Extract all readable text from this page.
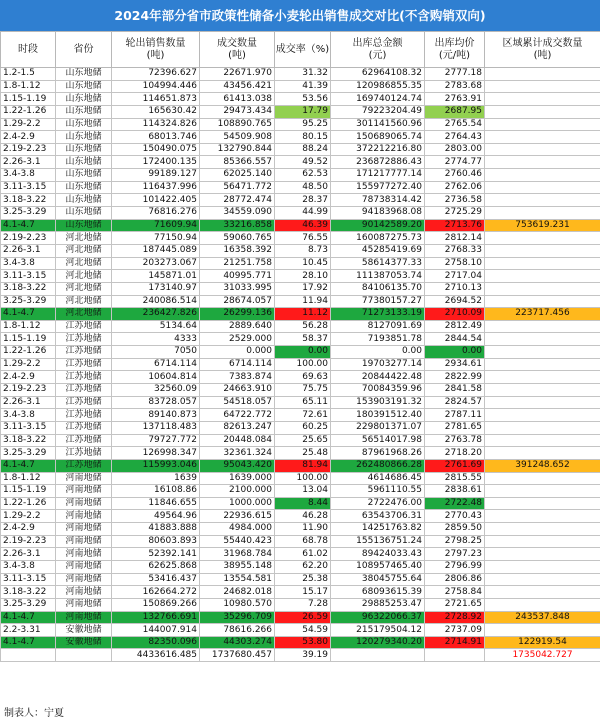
2024年部分省市政策性储备小麦轮出销售成交对比(不含购销双向)
时段	省份	轮出销售数量
(吨)	成交数量
(吨)	成交率（%)	出库总金额
(元)	出库均价
(元/吨)	区域累计成交数量
(吨)
1.2-1.5	山东地储	72396.627	22671.970	31.32	62964108.32	2777.18	
1.8-1.12	山东地储	104994.446	43456.421	41.39	120986855.35	2783.68	
1.15-1.19	山东地储	114651.873	61413.038	53.56	169740124.74	2763.91	
1.22-1.26	山东地储	165630.42	29473.434	17.79	79223204.49	2687.95	
1.29-2.2	山东地储	114324.826	108890.765	95.25	301141560.96	2765.54	
2.4-2.9	山东地储	68013.746	54509.908	80.15	150689065.74	2764.43	
2.19-2.23	山东地储	150490.075	132790.844	88.24	372212216.80	2803.00	
2.26-3.1	山东地储	172400.135	85366.557	49.52	236872886.43	2774.77	
3.4-3.8	山东地储	99189.127	62025.140	62.53	171217777.14	2760.46	
3.11-3.15	山东地储	116437.996	56471.772	48.50	155977272.40	2762.06	
3.18-3.22	山东地储	101422.405	28772.474	28.37	78738314.42	2736.58	
3.25-3.29	山东地储	76816.276	34559.090	44.99	94183968.08	2725.29	
4.1-4.7	山东地储	71609.94	33216.858	46.39	90142589.20	2713.76	753619.231
2.19-2.23	河北地储	77150.94	59060.765	76.55	160087275.73	2812.14	
2.26-3.1	河北地储	187445.089	16358.392	8.73	45285419.69	2768.33	
3.4-3.8	河北地储	203273.067	21251.758	10.45	58614377.33	2758.10	
3.11-3.15	河北地储	145871.01	40995.771	28.10	111387053.74	2717.04	
3.18-3.22	河北地储	173140.97	31033.995	17.92	84106135.70	2710.13	
3.25-3.29	河北地储	240086.514	28674.057	11.94	77380157.27	2694.52	
4.1-4.7	河北地储	236427.826	26299.136	11.12	71273133.19	2710.09	223717.456
1.8-1.12	江苏地储	5134.64	2889.640	56.28	8127091.69	2812.49	
1.15-1.19	江苏地储	4333	2529.000	58.37	7193851.78	2844.54	
1.22-1.26	江苏地储	7050	0.000	0.00	0.00	0.00	
1.29-2.2	江苏地储	6714.114	6714.114	100.00	19703277.14	2934.61	
2.4-2.9	江苏地储	10604.814	7383.874	69.63	20844422.48	2822.99	
2.19-2.23	江苏地储	32560.09	24663.910	75.75	70084359.96	2841.58	
2.26-3.1	江苏地储	83728.057	54518.057	65.11	153903191.32	2824.57	
3.4-3.8	江苏地储	89140.873	64722.772	72.61	180391512.40	2787.11	
3.11-3.15	江苏地储	137118.483	82613.247	60.25	229801371.07	2781.65	
3.18-3.22	江苏地储	79727.772	20448.084	25.65	56514017.98	2763.78	
3.25-3.29	江苏地储	126998.347	32361.324	25.48	87961968.26	2718.20	
4.1-4.7	江苏地储	115993.046	95043.420	81.94	262480866.28	2761.69	391248.652
1.8-1.12	河南地储	1639	1639.000	100.00	4614686.45	2815.55	
1.15-1.19	河南地储	16108.86	2100.000	13.04	5961110.55	2838.61	
1.22-1.26	河南地储	11846.655	1000.000	8.44	2722476.00	2722.48	
1.29-2.2	河南地储	49564.96	22936.615	46.28	63543706.31	2770.43	
2.4-2.9	河南地储	41883.888	4984.000	11.90	14251763.82	2859.50	
2.19-2.23	河南地储	80603.893	55440.423	68.78	155136751.24	2798.25	
2.26-3.1	河南地储	52392.141	31968.784	61.02	89424033.43	2797.23	
3.4-3.8	河南地储	62625.868	38955.148	62.20	108957465.40	2796.99	
3.11-3.15	河南地储	53416.437	13554.581	25.38	38045755.64	2806.86	
3.18-3.22	河南地储	162664.272	24682.018	15.17	68093615.39	2758.84	
3.25-3.29	河南地储	150869.266	10980.570	7.28	29885253.47	2721.65	
4.1-4.7	河南地储	132766.691	35296.709	26.59	96322066.37	2728.92	243537.848
2.2-3.31	安徽地储	144007.914	78616.266	54.59	215179504.12	2737.09	
4.1-4.7	安徽地储	82350.096	44303.274	53.80	120279340.20	2714.91	122919.54
		4433616.485	1737680.457	39.19			1735042.727
制表人：宁夏
